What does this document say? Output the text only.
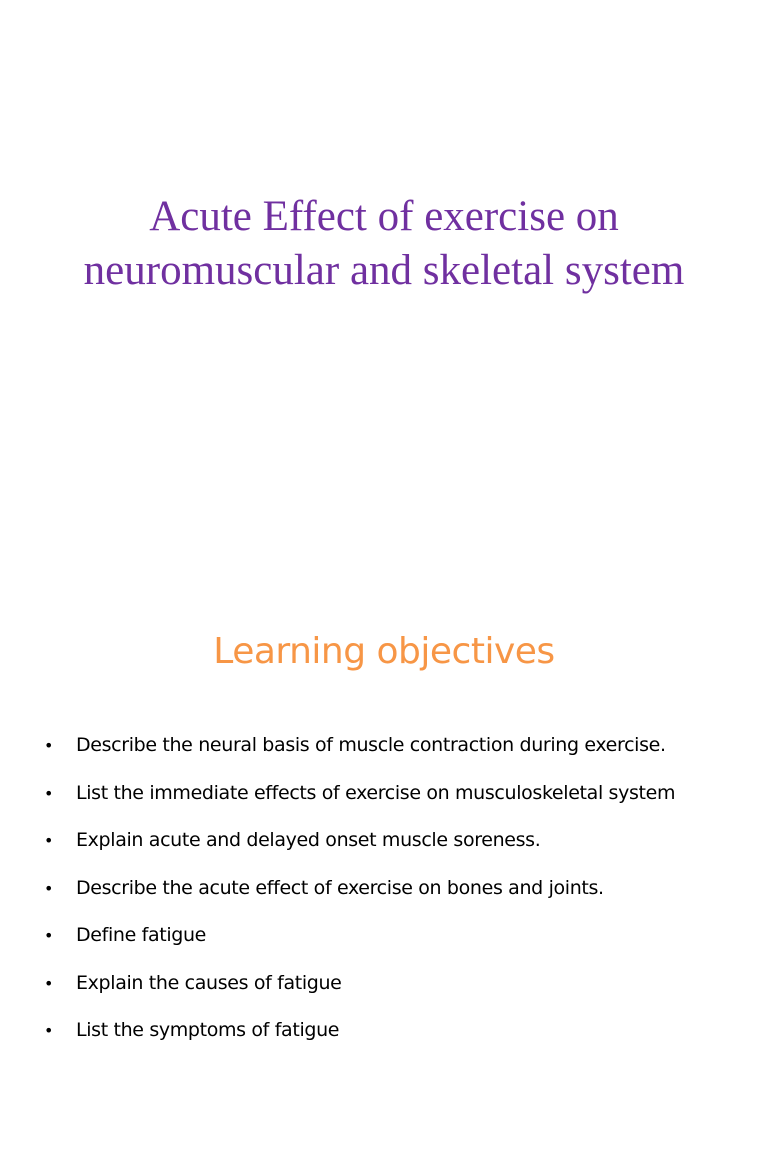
Acute Effect of exercise on
neuromuscular and skeletal system
Learning objectives
• Describe the neural basis of muscle contraction during exercise.
• List the immediate effects of exercise on musculoskeletal system
• Explain acute and delayed onset muscle soreness.
• Describe the acute effect of exercise on bones and joints.
• Define fatigue
• Explain the causes of fatigue
• List the symptoms of fatigue
